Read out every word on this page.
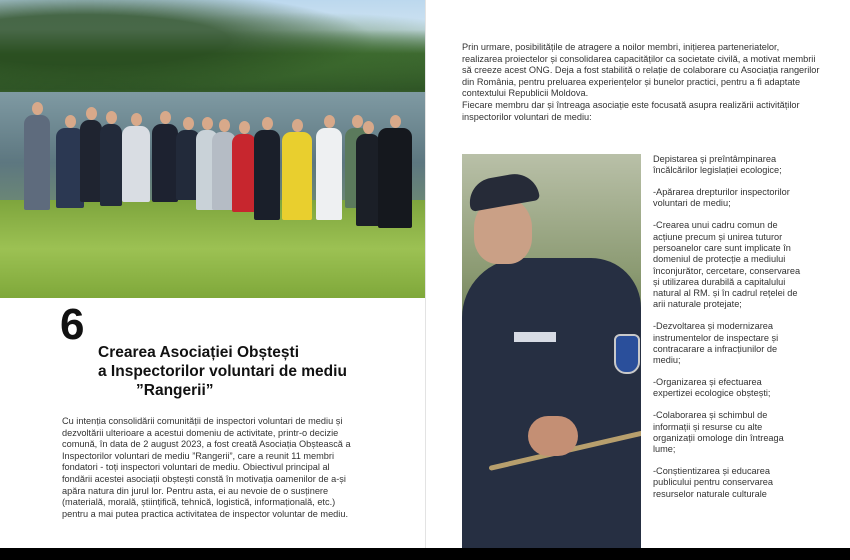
6
Crearea Asociației Obștești
a Inspectorilor voluntari de mediu
”Rangerii”
Cu intenția consolidării comunității de inspectori voluntari de mediu și dezvoltării ulterioare a acestui domeniu de activitate, printr-o decizie comună, în data de 2 august 2023, a fost creată Asociația Obștească a Inspectorilor voluntari de mediu ”Rangerii”, care a reunit 11 membri fondatori - toți inspectori voluntari de mediu. Obiectivul principal al fondării acestei asociații obștești constă în motivația oamenilor de a-și apăra natura din jurul lor. Pentru asta, ei au nevoie de o susținere (materială, morală, științifică, tehnică, logistică, informațională, etc.) pentru a mai putea practica activitatea de inspector voluntar de mediu.

Prin urmare, posibilitățile de atragere a noilor membri, inițierea parteneriatelor, realizarea proiectelor și consolidarea capacităților ca societate civilă, a motivat membrii să creeze acest ONG. Deja a fost stabilită o relație de colaborare cu Asociația rangerilor din România, pentru preluarea experiențelor și bunelor practici, pentru a fi adaptate contextului Republicii Moldova.

Fiecare membru dar și întreaga asociație este focusată asupra realizării activităților inspectorilor voluntari de mediu:

Depistarea și preîntâmpinarea încălcărilor legislației ecologice;
-Apărarea drepturilor inspectorilor voluntari de mediu;
-Crearea unui cadru comun de acțiune precum și unirea tuturor persoanelor care sunt implicate în domeniul de protecție a mediului înconjurător, cercetare, conservarea și utilizarea durabilă a capitalului natural al RM. și în cadrul rețelei de arii naturale protejate;
-Dezvoltarea și modernizarea instrumentelor de inspectare și contracarare a infracțiunilor de mediu;
-Organizarea și efectuarea expertizei ecologice obștești;
-Colaborarea și schimbul de informații și resurse cu alte organizații omologe din întreaga lume;
-Conștientizarea și educarea publicului pentru conservarea resurselor naturale culturale
